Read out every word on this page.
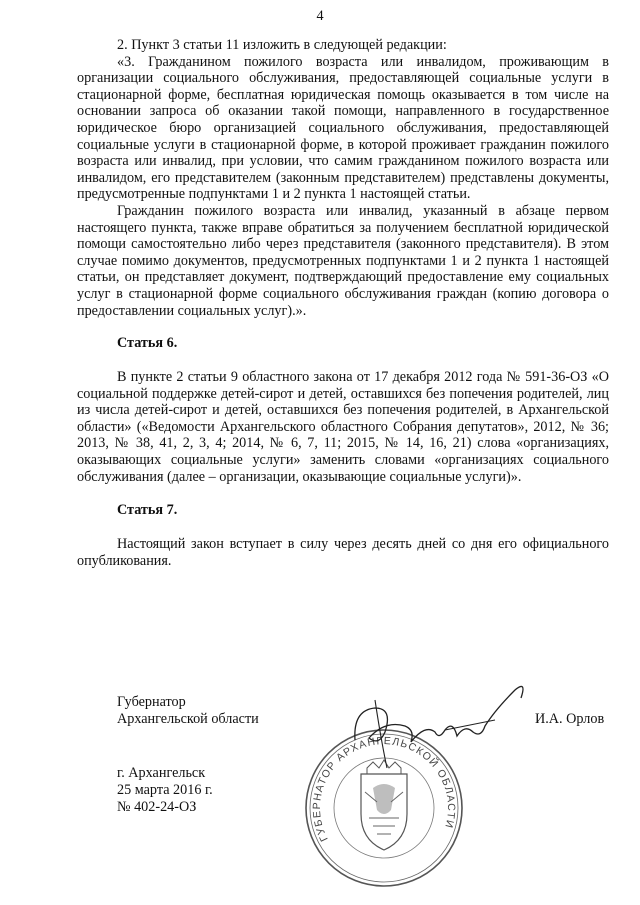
4

2. Пункт 3 статьи 11 изложить в следующей редакции:

«3. Гражданином пожилого возраста или инвалидом, проживающим в организации социального обслуживания, предоставляющей социальные услуги в стационарной форме, бесплатная юридическая помощь оказывается в том числе на основании запроса об оказании такой помощи, направленного в государственное юридическое бюро организацией социального обслуживания, предоставляющей социальные услуги в стационарной форме, в которой проживает гражданин пожилого возраста или инвалид, при условии, что самим гражданином пожилого возраста или инвалидом, его представителем (законным представителем) представлены документы, предусмотренные подпунктами 1 и 2 пункта 1 настоящей статьи.

Гражданин пожилого возраста или инвалид, указанный в абзаце первом настоящего пункта, также вправе обратиться за получением бесплатной юридической помощи самостоятельно либо через представителя (законного представителя). В этом случае помимо документов, предусмотренных подпунктами 1 и 2 пункта 1 настоящей статьи, он представляет документ, подтверждающий предоставление ему социальных услуг в стационарной форме социального обслуживания граждан (копию договора о предоставлении социальных услуг).».

Статья 6.

В пункте 2 статьи 9 областного закона от 17 декабря 2012 года № 591-36-ОЗ «О социальной поддержке детей-сирот и детей, оставшихся без попечения родителей, лиц из числа детей-сирот и детей, оставшихся без попечения родителей, в Архангельской области» («Ведомости Архангельского областного Собрания депутатов», 2012, № 36; 2013, № 38, 41, 2, 3, 4; 2014, № 6, 7, 11; 2015, № 14, 16, 21) слова «организациях, оказывающих социальные услуги» заменить словами «организациях социального обслуживания (далее – организации, оказывающие социальные услуги)».

Статья 7.

Настоящий закон вступает в силу через десять дней со дня его официального опубликования.

Губернатор
Архангельской области	И.А. Орлов
г. Архангельск
25 марта 2016 г.
№ 402-24-ОЗ
ГУБЕРНАТОР АРХАНГЕЛЬСКОЙ ОБЛАСТИ
